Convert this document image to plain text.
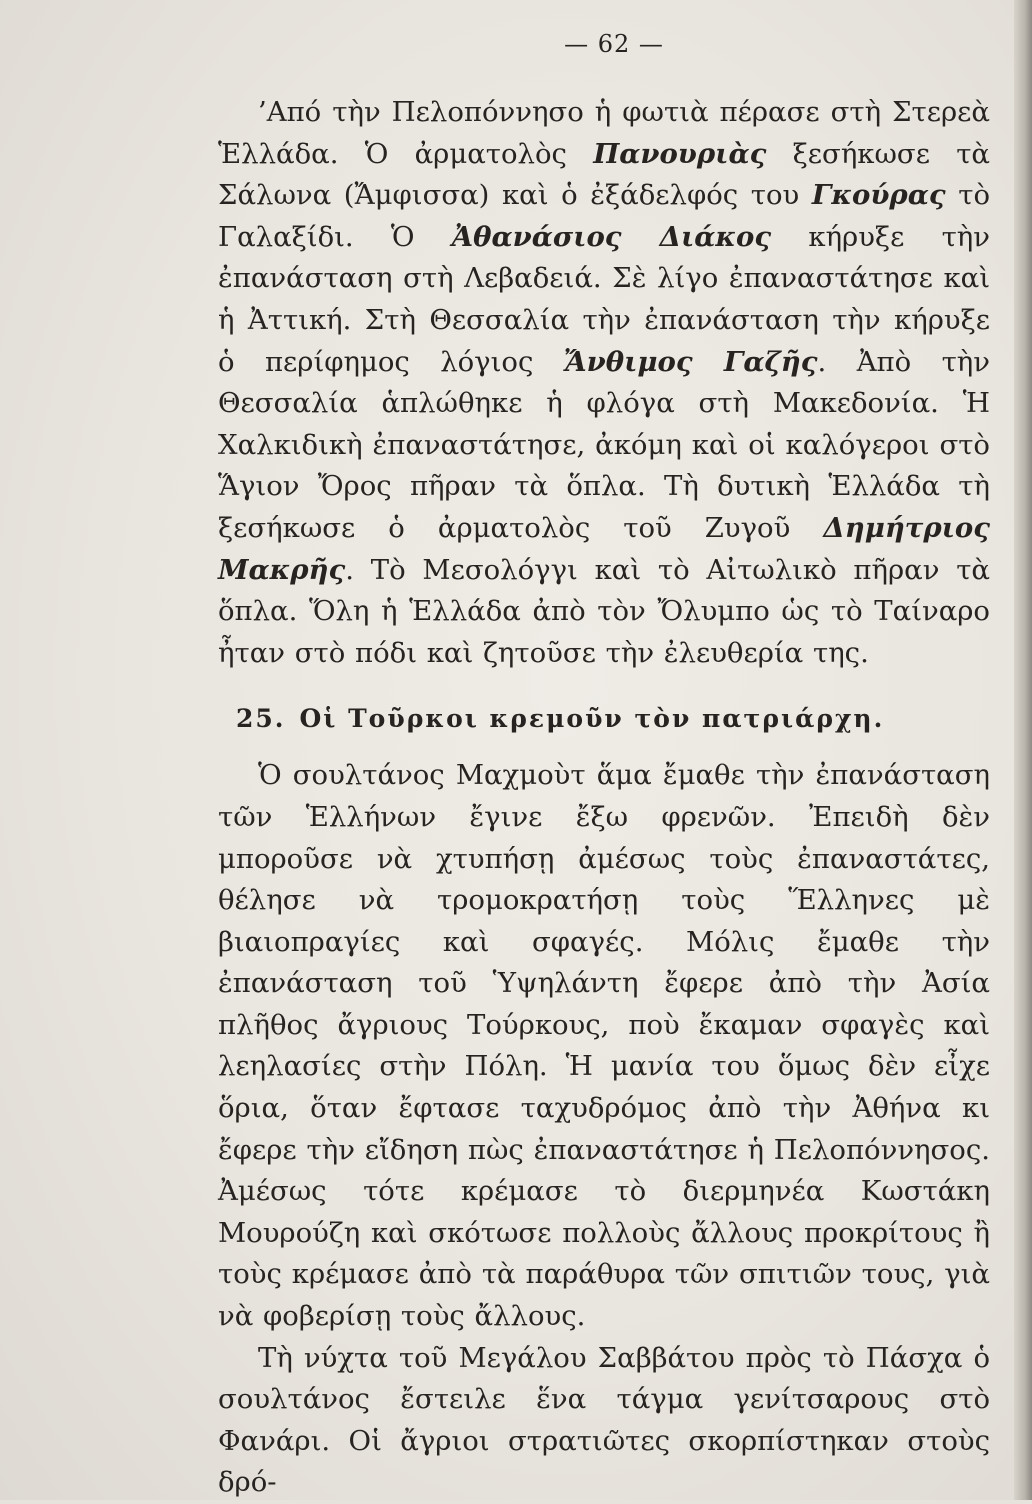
— 62 —

’Από τὴν Πελοπόννησο ἡ φωτιὰ πέρασε στὴ Στερεὰ Ἑλλάδα. Ὁ ἀρματολὸς Πανουριὰς ξεσήκωσε τὰ Σάλωνα (Ἄμφισσα) καὶ ὁ ἐξάδελφός του Γκούρας τὸ Γαλαξίδι. Ὁ Ἀθανάσιος Διάκος κήρυξε τὴν ἐπανάσταση στὴ Λεβαδειά. Σὲ λίγο ἐπαναστάτησε καὶ ἡ Ἀττική. Στὴ Θεσσαλία τὴν ἐπανάσταση τὴν κήρυξε ὁ περίφημος λόγιος Ἄνθιμος Γαζῆς. Ἀπὸ τὴν Θεσσαλία ἁπλώθηκε ἡ φλόγα στὴ Μακεδονία. Ἡ Χαλκιδικὴ ἐπαναστάτησε, ἀκόμη καὶ οἱ καλόγεροι στὸ Ἅγιον Ὄρος πῆραν τὰ ὅπλα. Τὴ δυτικὴ Ἑλλάδα τὴ ξεσήκωσε ὁ ἀρματολὸς τοῦ Ζυγοῦ Δημήτριος Μακρῆς. Τὸ Μεσολόγγι καὶ τὸ Αἰτωλικὸ πῆραν τὰ ὅπλα. Ὅλη ἡ Ἑλλάδα ἀπὸ τὸν Ὄλυμπο ὡς τὸ Ταίναρο ἦταν στὸ πόδι καὶ ζητοῦσε τὴν ἐλευθερία της.

25. Οἱ Τοῦρκοι κρεμοῦν τὸν πατριάρχη.

Ὁ σουλτάνος Μαχμοὺτ ἅμα ἔμαθε τὴν ἐπανάσταση τῶν Ἑλλήνων ἔγινε ἔξω φρενῶν. Ἐπειδὴ δὲν μποροῦσε νὰ χτυπήσῃ ἀμέσως τοὺς ἐπαναστάτες, θέλησε νὰ τρομοκρατήσῃ τοὺς Ἕλληνες μὲ βιαιοπραγίες καὶ σφαγές. Μόλις ἔμαθε τὴν ἐπανάσταση τοῦ Ὑψηλάντη ἔφερε ἀπὸ τὴν Ἀσία πλῆθος ἄγριους Τούρκους, ποὺ ἔκαμαν σφαγὲς καὶ λεηλασίες στὴν Πόλη. Ἡ μανία του ὅμως δὲν εἶχε ὅρια, ὅταν ἔφτασε ταχυδρόμος ἀπὸ τὴν Ἀθήνα κι ἔφερε τὴν εἴδηση πὼς ἐπαναστάτησε ἡ Πελοπόννησος. Ἀμέσως τότε κρέμασε τὸ διερμηνέα Κωστάκη Μουρούζη καὶ σκότωσε πολλοὺς ἄλλους προκρίτους ἢ τοὺς κρέμασε ἀπὸ τὰ παράθυρα τῶν σπιτιῶν τους, γιὰ νὰ φοβερίσῃ τοὺς ἄλλους.

Τὴ νύχτα τοῦ Μεγάλου Σαββάτου πρὸς τὸ Πάσχα ὁ σουλτάνος ἔστειλε ἕνα τάγμα γενίτσαρους στὸ Φανάρι. Οἱ ἄγριοι στρατιῶτες σκορπίστηκαν στοὺς δρό-
